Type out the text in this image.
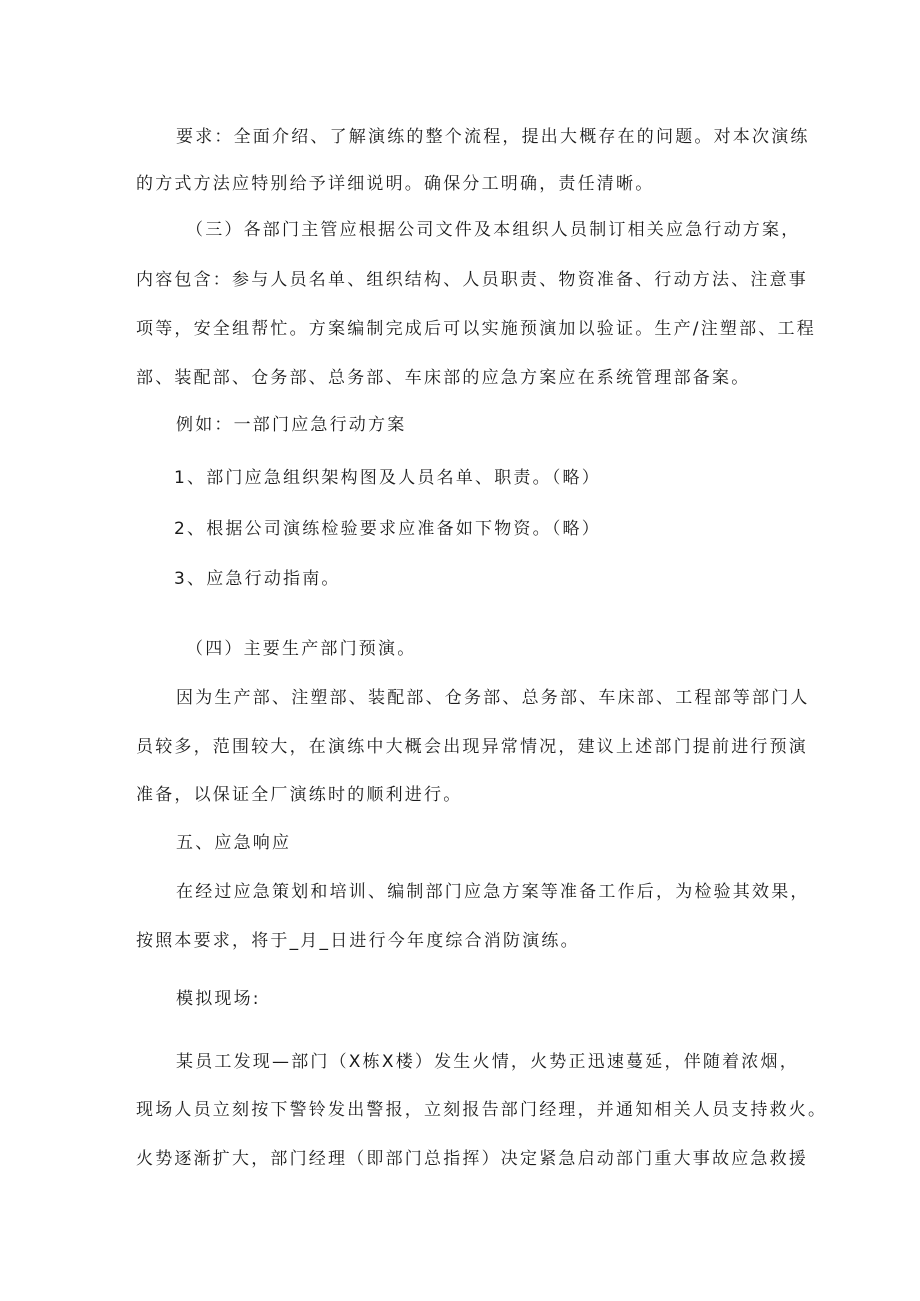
要求：全面介绍、了解演练的整个流程，提出大概存在的问题。对本次演练

的方式方法应特别给予详细说明。确保分工明确，责任清晰。

（三）各部门主管应根据公司文件及本组织人员制订相关应急行动方案，

内容包含：参与人员名单、组织结构、人员职责、物资准备、行动方法、注意事

项等，安全组帮忙。方案编制完成后可以实施预演加以验证。生产/注塑部、工程

部、装配部、仓务部、总务部、车床部的应急方案应在系统管理部备案。

例如：一部门应急行动方案

1、部门应急组织架构图及人员名单、职责。（略）

2、根据公司演练检验要求应准备如下物资。（略）

3、应急行动指南。

（四）主要生产部门预演。

因为生产部、注塑部、装配部、仓务部、总务部、车床部、工程部等部门人

员较多，范围较大，在演练中大概会出现异常情况，建议上述部门提前进行预演

准备，以保证全厂演练时的顺利进行。

五、应急响应

在经过应急策划和培训、编制部门应急方案等准备工作后，为检验其效果，

按照本要求，将于_月_日进行今年度综合消防演练。

模拟现场:

某员工发现—部门（X栋X楼）发生火情，火势正迅速蔓延，伴随着浓烟，

现场人员立刻按下警铃发出警报，立刻报告部门经理，并通知相关人员支持救火。

火势逐渐扩大，部门经理（即部门总指挥）决定紧急启动部门重大事故应急救援
